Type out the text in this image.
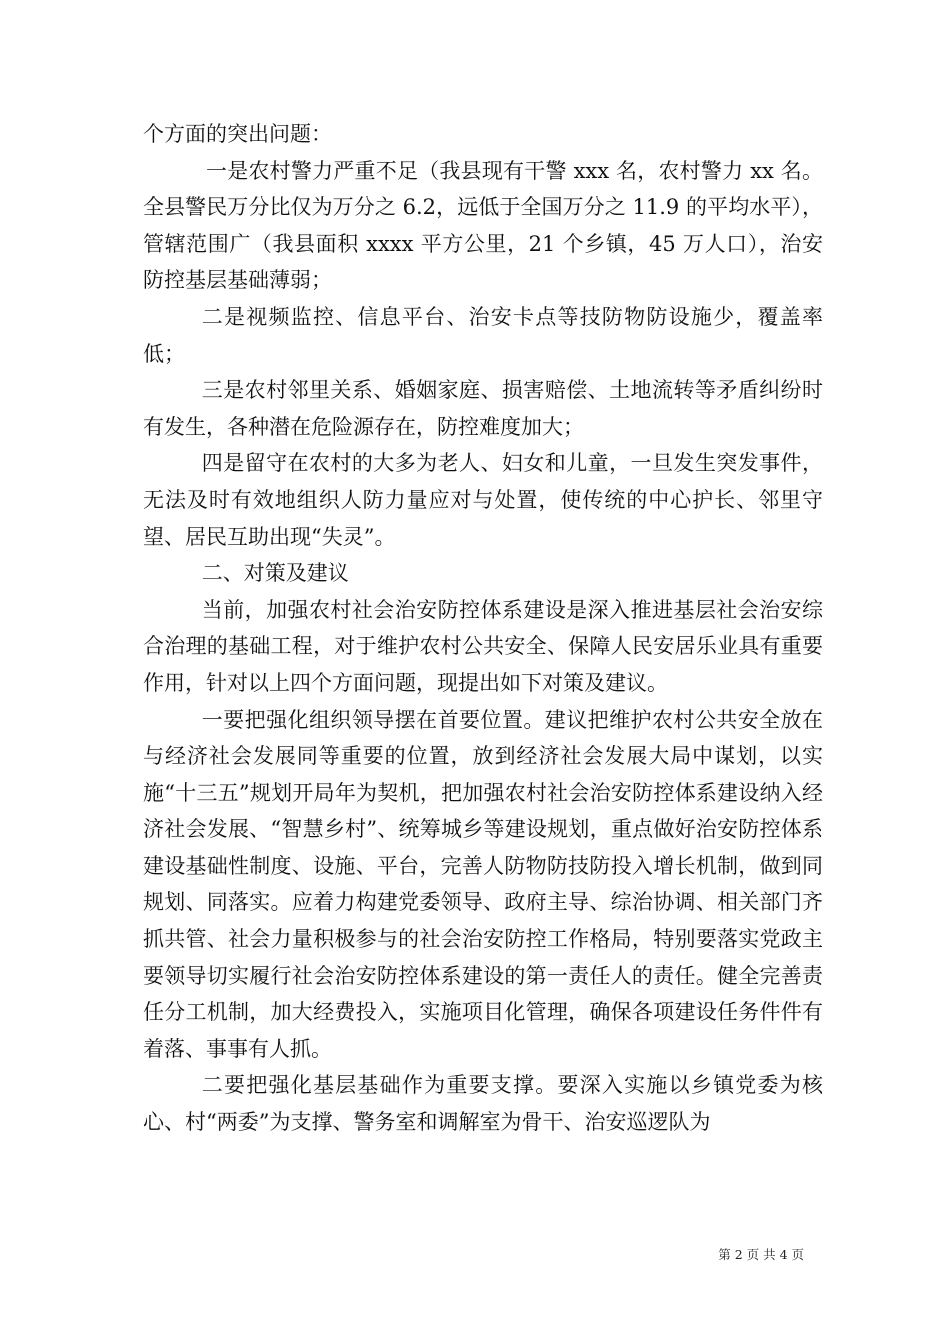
个方面的突出问题：

一是农村警力严重不足（我县现有干警 xxx 名，农村警力 xx 名。全县警民万分比仅为万分之 6.2，远低于全国万分之 11.9 的平均水平），管辖范围广（我县面积 xxxx 平方公里，21 个乡镇，45 万人口），治安防控基层基础薄弱；

二是视频监控、信息平台、治安卡点等技防物防设施少，覆盖率低；

三是农村邻里关系、婚姻家庭、损害赔偿、土地流转等矛盾纠纷时有发生，各种潜在危险源存在，防控难度加大；

四是留守在农村的大多为老人、妇女和儿童，一旦发生突发事件，无法及时有效地组织人防力量应对与处置，使传统的中心护长、邻里守望、居民互助出现“失灵”。

二、对策及建议

当前，加强农村社会治安防控体系建设是深入推进基层社会治安综合治理的基础工程，对于维护农村公共安全、保障人民安居乐业具有重要作用，针对以上四个方面问题，现提出如下对策及建议。

一要把强化组织领导摆在首要位置。建议把维护农村公共安全放在与经济社会发展同等重要的位置，放到经济社会发展大局中谋划，以实施“十三五”规划开局年为契机，把加强农村社会治安防控体系建设纳入经济社会发展、“智慧乡村”、统筹城乡等建设规划，重点做好治安防控体系建设基础性制度、设施、平台，完善人防物防技防投入增长机制，做到同规划、同落实。应着力构建党委领导、政府主导、综治协调、相关部门齐抓共管、社会力量积极参与的社会治安防控工作格局，特别要落实党政主要领导切实履行社会治安防控体系建设的第一责任人的责任。健全完善责任分工机制，加大经费投入，实施项目化管理，确保各项建设任务件件有着落、事事有人抓。

二要把强化基层基础作为重要支撑。要深入实施以乡镇党委为核心、村“两委”为支撑、警务室和调解室为骨干、治安巡逻队为

第 2 页 共 4 页
